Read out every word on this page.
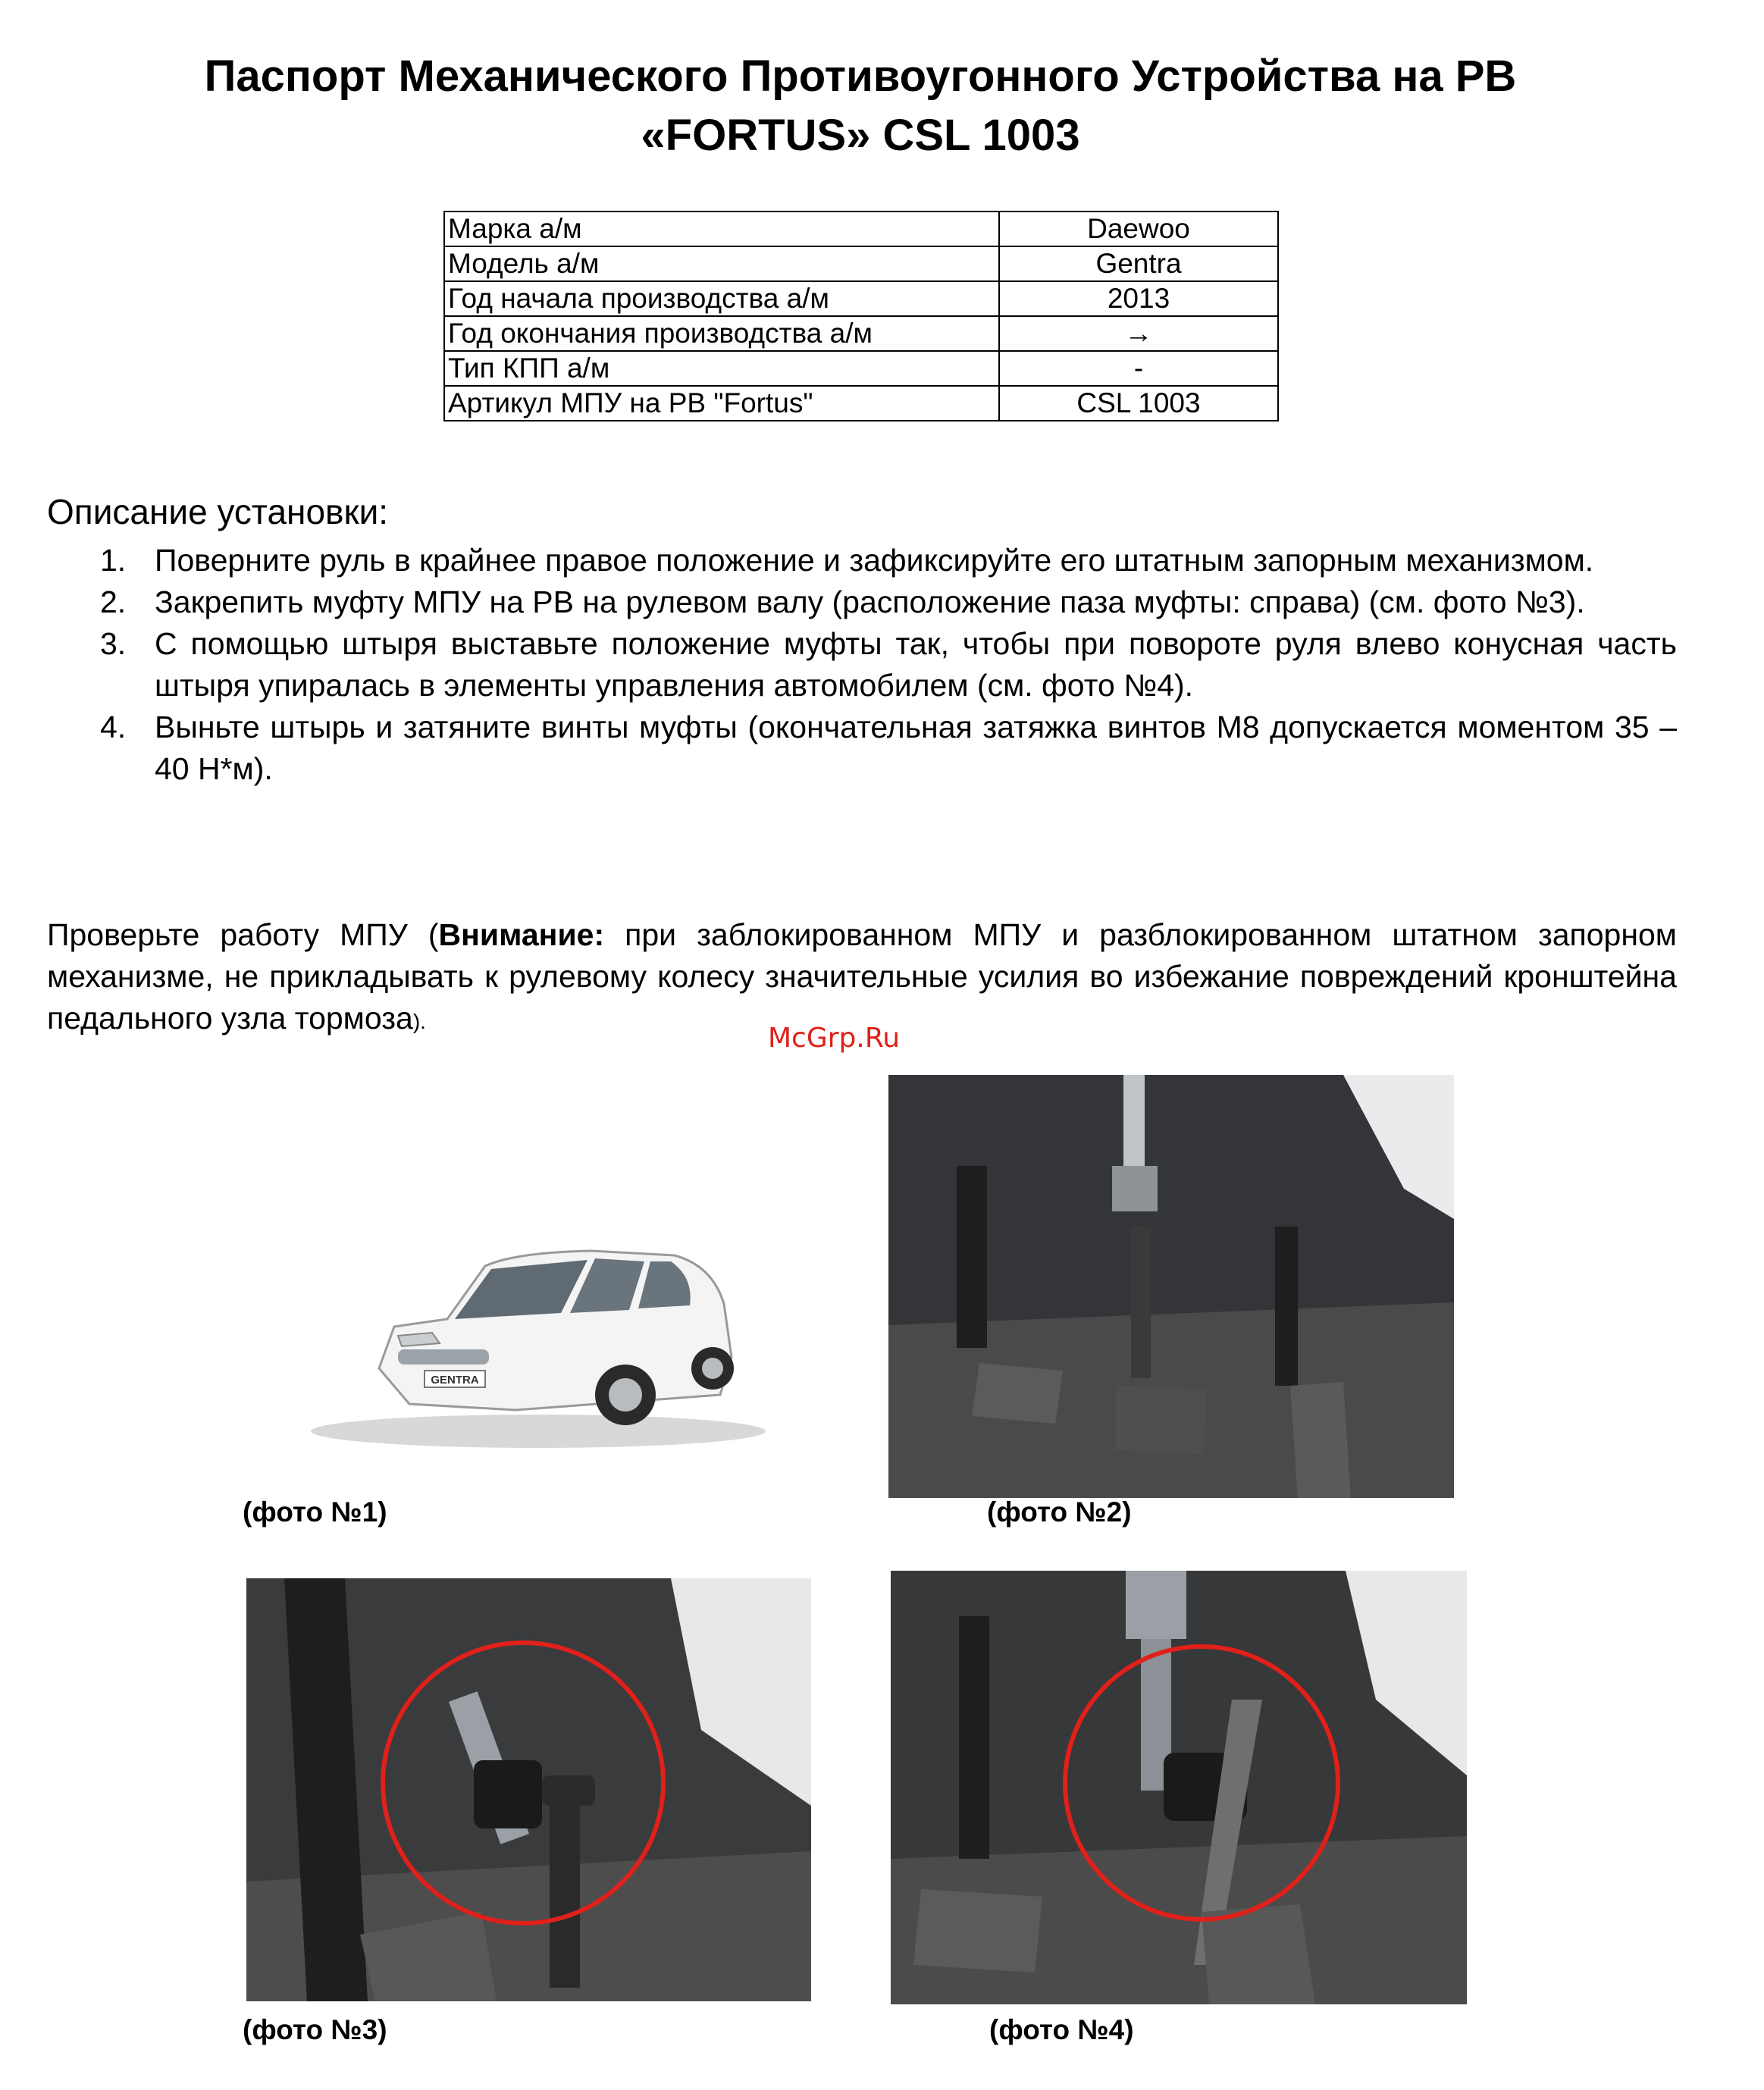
Паспорт Механического Противоугонного Устройства на РВ
«FORTUS» CSL 1003
Марка а/м	Daewoo
Модель а/м	Gentra
Год начала производства а/м	2013
Год окончания производства а/м	→
Тип КПП а/м	-
Артикул МПУ на РВ "Fortus"	CSL 1003
Описание установки:
1. Поверните руль в крайнее правое положение и зафиксируйте его штатным запорным механизмом.
2. Закрепить муфту МПУ на РВ на рулевом валу (расположение паза муфты: справа) (см. фото №3).
3. С помощью штыря выставьте положение муфты так, чтобы при повороте руля влево конусная часть штыря упиралась в элементы управления автомобилем (см. фото №4).
4. Выньте штырь и затяните винты муфты (окончательная затяжка винтов М8 допускается моментом 35 – 40 Н*м).
Проверьте работу МПУ (Внимание: при заблокированном МПУ и разблокированном штатном запорном механизме, не прикладывать к рулевому колесу значительные усилия во избежание повреждений кронштейна педального узла тормоза).
McGrp.Ru
GENTRA
(фото №1)	(фото №2)
(фото №3)	(фото №4)
